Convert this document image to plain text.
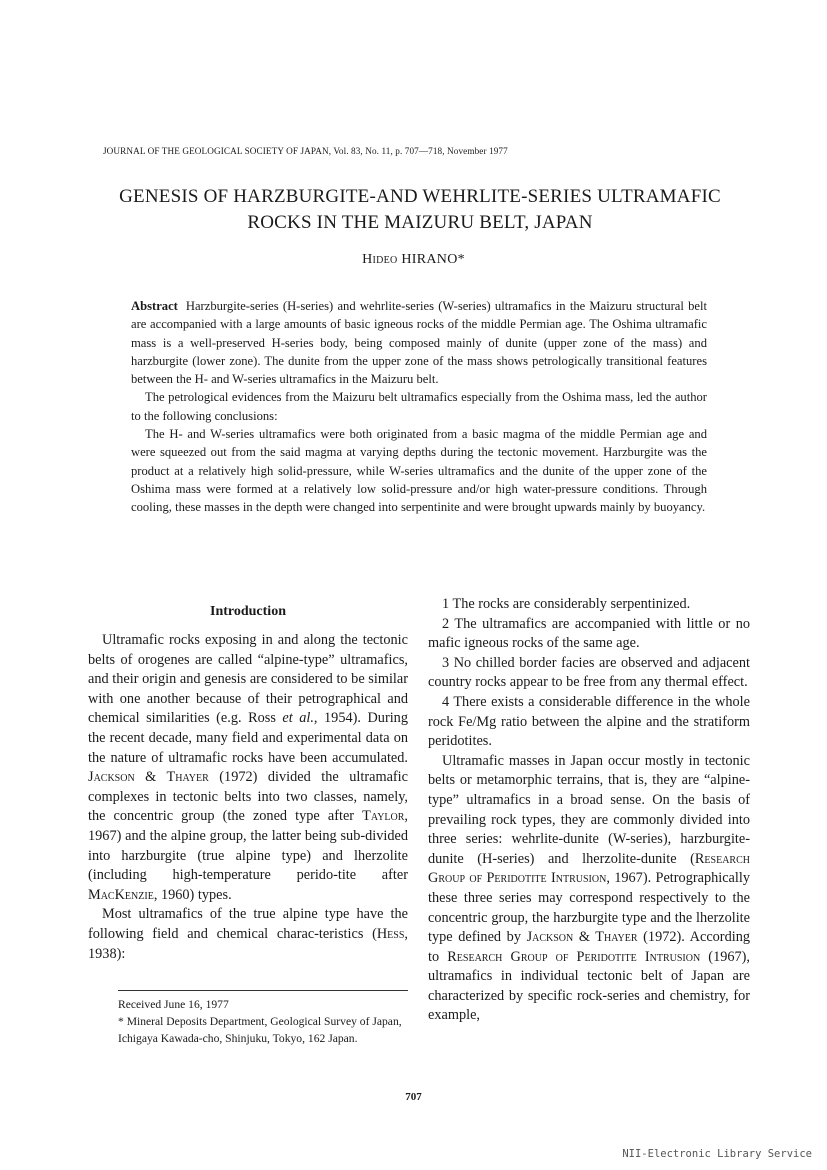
JOURNAL OF THE GEOLOGICAL SOCIETY OF JAPAN, Vol. 83, No. 11, p. 707—718, November 1977
GENESIS OF HARZBURGITE-AND WEHRLITE-SERIES ULTRAMAFIC
ROCKS IN THE MAIZURU BELT, JAPAN
Hideo HIRANO*

Abstract Harzburgite-series (H-series) and wehrlite-series (W-series) ultramafics in the Maizuru structural belt are accompanied with a large amounts of basic igneous rocks of the middle Permian age. The Oshima ultramafic mass is a well-preserved H-series body, being composed mainly of dunite (upper zone of the mass) and harzburgite (lower zone). The dunite from the upper zone of the mass shows petrologically transitional features between the H- and W-series ultramafics in the Maizuru belt.

The petrological evidences from the Maizuru belt ultramafics especially from the Oshima mass, led the author to the following conclusions:

The H- and W-series ultramafics were both originated from a basic magma of the middle Permian age and were squeezed out from the said magma at varying depths during the tectonic movement. Harzburgite was the product at a relatively high solid-pressure, while W-series ultramafics and the dunite of the upper zone of the Oshima mass were formed at a relatively low solid-pressure and/or high water-pressure conditions. Through cooling, these masses in the depth were changed into serpentinite and were brought upwards mainly by buoyancy.

Introduction

Ultramafic rocks exposing in and along the tectonic belts of orogenes are called “alpine-type” ultramafics, and their origin and genesis are considered to be similar with one another because of their petrographical and chemical similarities (e.g. Ross et al., 1954). During the recent decade, many field and experimental data on the nature of ultramafic rocks have been accumulated. Jackson & Thayer (1972) divided the ultramafic complexes in tectonic belts into two classes, namely, the concentric group (the zoned type after Taylor, 1967) and the alpine group, the latter being sub-divided into harzburgite (true alpine type) and lherzolite (including high-temperature perido-tite after MacKenzie, 1960) types.

Most ultramafics of the true alpine type have the following field and chemical charac-teristics (Hess, 1938):

1 The rocks are considerably serpentinized.

2 The ultramafics are accompanied with little or no mafic igneous rocks of the same age.

3 No chilled border facies are observed and adjacent country rocks appear to be free from any thermal effect.

4 There exists a considerable difference in the whole rock Fe/Mg ratio between the alpine and the stratiform peridotites.

Ultramafic masses in Japan occur mostly in tectonic belts or metamorphic terrains, that is, they are “alpine-type” ultramafics in a broad sense. On the basis of prevailing rock types, they are commonly divided into three series: wehrlite-dunite (W-series), harzburgite-dunite (H-series) and lherzolite-dunite (Research Group of Peridotite Intrusion, 1967). Petrographically these three series may correspond respectively to the concentric group, the harzburgite type and the lherzolite type defined by Jackson & Thayer (1972). According to Research Group of Peridotite Intrusion (1967), ultramafics in individual tectonic belt of Japan are characterized by specific rock-series and chemistry, for example,

Received June 16, 1977

* Mineral Deposits Department, Geological Survey of Japan, Ichigaya Kawada-cho, Shinjuku, Tokyo, 162 Japan.

707
NII-Electronic Library Service
